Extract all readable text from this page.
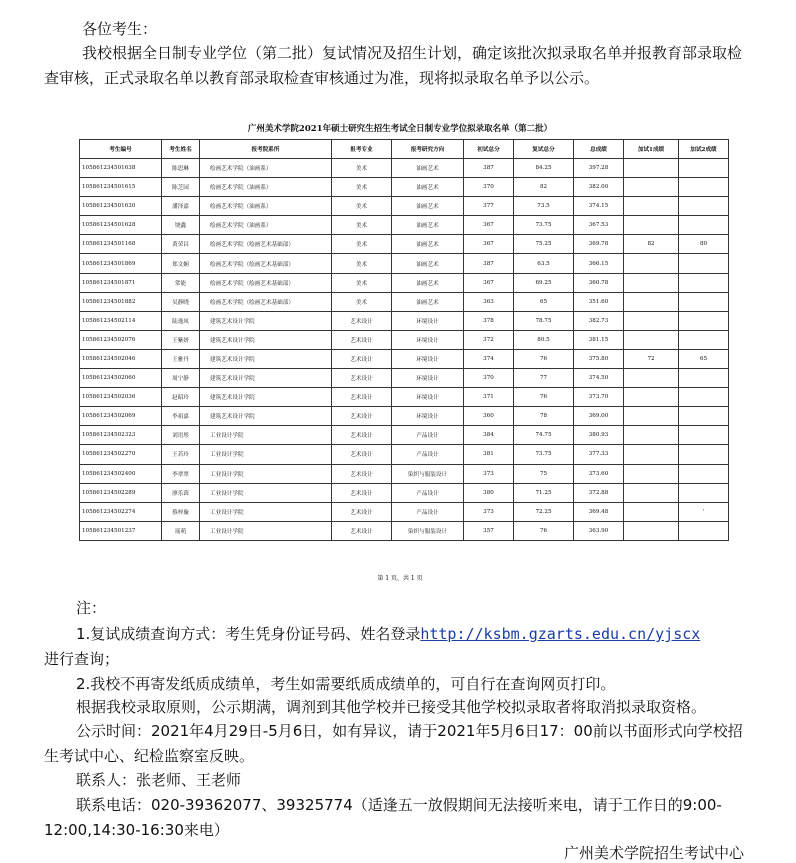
各位考生：
我校根据全日制专业学位（第二批）复试情况及招生计划，确定该批次拟录取名单并报教育部录取检查审核，正式录取名单以教育部录取检查审核通过为准，现将拟录取名单予以公示。
广州美术学院2021年硕士研究生招生考试全日制专业学位拟录取名单（第二批）
考生编号	考生姓名	报考院系所	报考专业	报考研究方向	初试总分	复试总分	总成绩	加试1成绩	加试2成绩
105861234501638	陈思琳	绘画艺术学院（油画系）	美术	油画艺术	387	84.25	397.28		
105861234501615	陈芝园	绘画艺术学院（油画系）	美术	油画艺术	370	82	382.00		
105861234501630	潘泽嘉	绘画艺术学院（油画系）	美术	油画艺术	377	73.5	374.15		
105861234501628	饶鑫	绘画艺术学院（油画系）	美术	油画艺术	367	73.75	367.53		
105861234501168	黄荣昌	绘画艺术学院（绘画艺术基础部）	美术	油画艺术	367	75.25	369.78	82	80
105861234501869	郑文娴	绘画艺术学院（绘画艺术基础部）	美术	油画艺术	387	63.5	366.15		
105861234501871	常能	绘画艺术学院（绘画艺术基础部）	美术	油画艺术	367	69.25	360.78		
105861234501882	吴静晓	绘画艺术学院（绘画艺术基础部）	美术	油画艺术	363	65	351.60		
105861234502114	陆逸凤	建筑艺术设计学院	艺术设计	环境设计	378	78.75	382.73		
105861234502076	王紫妍	建筑艺术设计学院	艺术设计	环境设计	372	80.5	381.15		
105861234502046	王雅丹	建筑艺术设计学院	艺术设计	环境设计	374	76	375.80	72	65
105861234502060	周宁静	建筑艺术设计学院	艺术设计	环境设计	370	77	374.50		
105861234502036	赵昭玲	建筑艺术设计学院	艺术设计	环境设计	371	76	373.70		
105861234502069	李祖嘉	建筑艺术设计学院	艺术设计	环境设计	360	78	369.00		
105861234502323	刘语彤	工业设计学院	艺术设计	产品设计	384	74.75	380.93		
105861234502270	王若玲	工业设计学院	艺术设计	产品设计	381	73.75	377.33		
105861234502400	李翠翠	工业设计学院	艺术设计	染织与服装设计	373	75	373.60		
105861234502289	廖乐茵	工业设计学院	艺术设计	产品设计	380	71.25	372.88		
105861234502274	蔡梓璇	工业设计学院	艺术设计	产品设计	373	72.25	369.48		'
105861234501237	瑶萌	工业设计学院	艺术设计	染织与服装设计	357	76	363.90		
第 1 页，共 1 页
注：
1.复试成绩查询方式：考生凭身份证号码、姓名登录http://ksbm.gzarts.edu.cn/yjscx
进行查询；
2.我校不再寄发纸质成绩单，考生如需要纸质成绩单的，可自行在查询网页打印。
根据我校录取原则，公示期满，调剂到其他学校并已接受其他学校拟录取者将取消拟录取资格。
公示时间：2021年4月29日-5月6日，如有异议，请于2021年5月6日17：00前以书面形式向学校招
生考试中心、纪检监察室反映。
联系人：张老师、王老师
联系电话：020-39362077、39325774（适逢五一放假期间无法接听来电，请于工作日的9:00-
12:00,14:30-16:30来电）
广州美术学院招生考试中心
